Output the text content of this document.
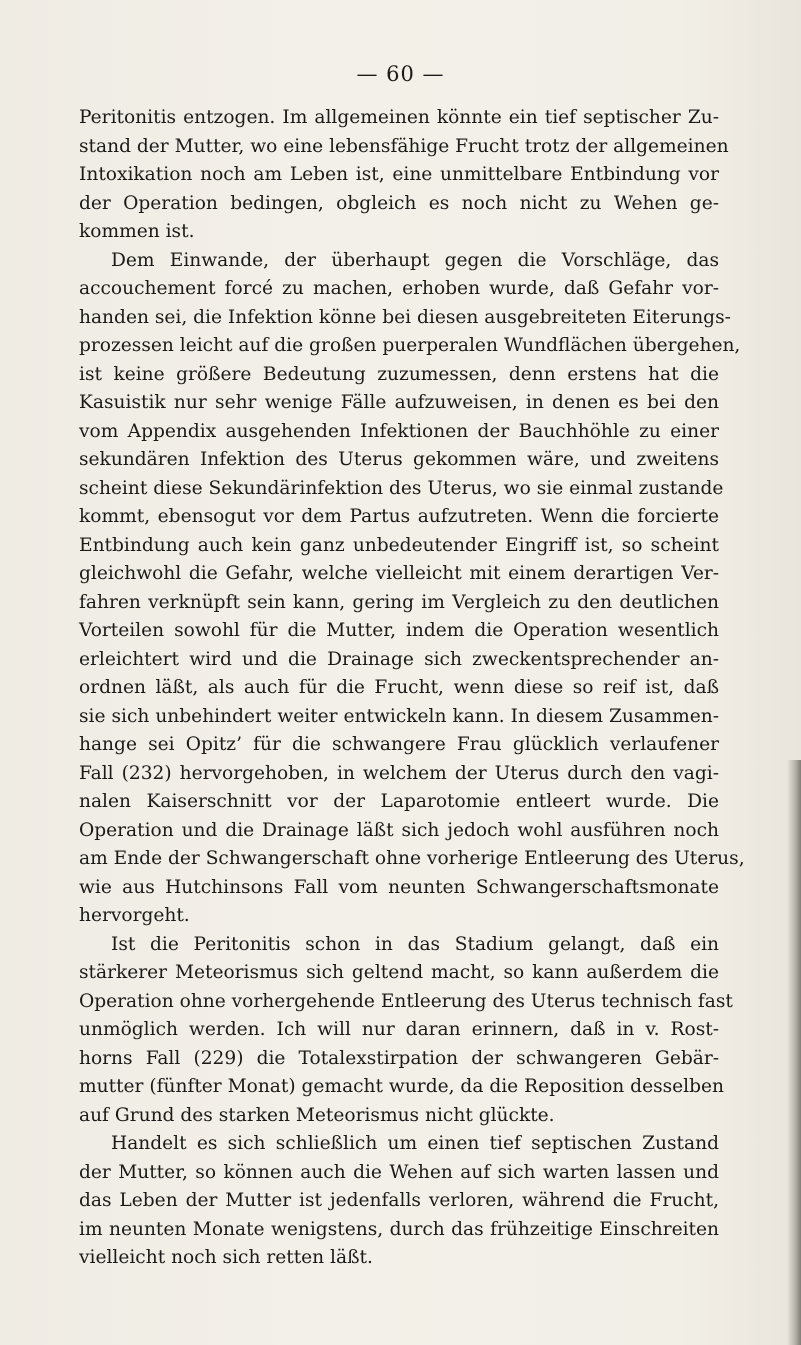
— 60 —
Peritonitis entzogen. Im allgemeinen könnte ein tief septischer Zu-
stand der Mutter, wo eine lebensfähige Frucht trotz der allgemeinen
Intoxikation noch am Leben ist, eine unmittelbare Entbindung vor
der Operation bedingen, obgleich es noch nicht zu Wehen ge-
kommen ist.
Dem Einwande, der überhaupt gegen die Vorschläge, das
accouchement forcé zu machen, erhoben wurde, daß Gefahr vor-
handen sei, die Infektion könne bei diesen ausgebreiteten Eiterungs-
prozessen leicht auf die großen puerperalen Wundflächen übergehen,
ist keine größere Bedeutung zuzumessen, denn erstens hat die
Kasuistik nur sehr wenige Fälle aufzuweisen, in denen es bei den
vom Appendix ausgehenden Infektionen der Bauchhöhle zu einer
sekundären Infektion des Uterus gekommen wäre, und zweitens
scheint diese Sekundärinfektion des Uterus, wo sie einmal zustande
kommt, ebensogut vor dem Partus aufzutreten. Wenn die forcierte
Entbindung auch kein ganz unbedeutender Eingriff ist, so scheint
gleichwohl die Gefahr, welche vielleicht mit einem derartigen Ver-
fahren verknüpft sein kann, gering im Vergleich zu den deutlichen
Vorteilen sowohl für die Mutter, indem die Operation wesentlich
erleichtert wird und die Drainage sich zweckentsprechender an-
ordnen läßt, als auch für die Frucht, wenn diese so reif ist, daß
sie sich unbehindert weiter entwickeln kann. In diesem Zusammen-
hange sei Opitz’ für die schwangere Frau glücklich verlaufener
Fall (232) hervorgehoben, in welchem der Uterus durch den vagi-
nalen Kaiserschnitt vor der Laparotomie entleert wurde. Die
Operation und die Drainage läßt sich jedoch wohl ausführen noch
am Ende der Schwangerschaft ohne vorherige Entleerung des Uterus,
wie aus Hutchinsons Fall vom neunten Schwangerschaftsmonate
hervorgeht.
Ist die Peritonitis schon in das Stadium gelangt, daß ein
stärkerer Meteorismus sich geltend macht, so kann außerdem die
Operation ohne vorhergehende Entleerung des Uterus technisch fast
unmöglich werden. Ich will nur daran erinnern, daß in v. Rost-
horns Fall (229) die Totalexstirpation der schwangeren Gebär-
mutter (fünfter Monat) gemacht wurde, da die Reposition desselben
auf Grund des starken Meteorismus nicht glückte.
Handelt es sich schließlich um einen tief septischen Zustand
der Mutter, so können auch die Wehen auf sich warten lassen und
das Leben der Mutter ist jedenfalls verloren, während die Frucht,
im neunten Monate wenigstens, durch das frühzeitige Einschreiten
vielleicht noch sich retten läßt.
